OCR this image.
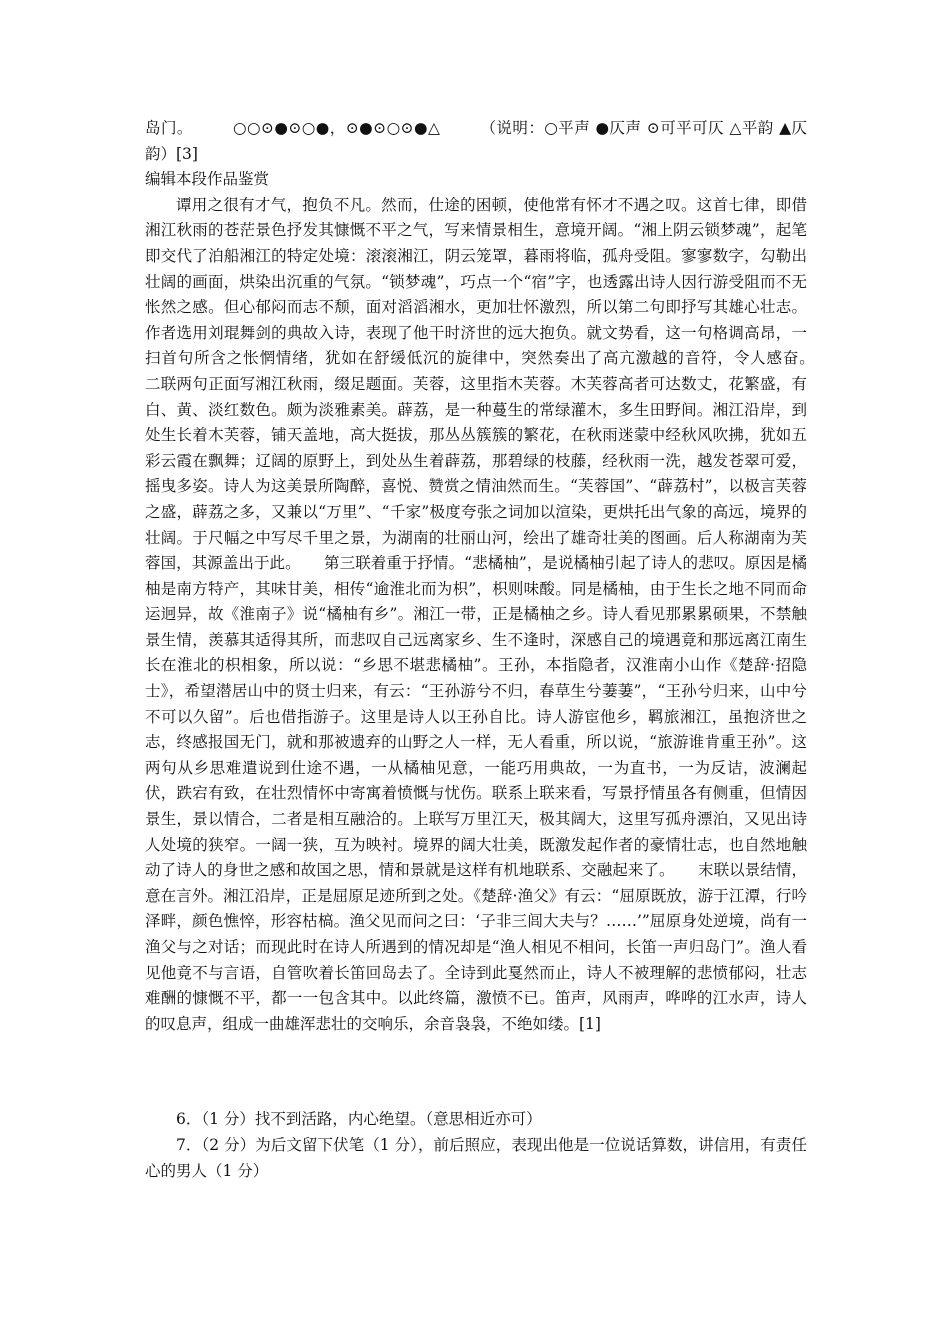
岛门。　　　○○⊙●⊙○●，⊙●⊙○⊙●△　　　（说明：○平声 ●仄声 ⊙可平可仄 △平韵 ▲仄韵）[3]

编辑本段作品鉴赏

谭用之很有才气，抱负不凡。然而，仕途的困顿，使他常有怀才不遇之叹。这首七律，即借湘江秋雨的苍茫景色抒发其慷慨不平之气，写来情景相生，意境开阔。“湘上阴云锁梦魂”，起笔即交代了泊船湘江的特定处境：滚滚湘江，阴云笼罩，暮雨将临，孤舟受阻。寥寥数字，勾勒出壮阔的画面，烘染出沉重的气氛。“锁梦魂”，巧点一个“宿”字，也透露出诗人因行游受阻而不无怅然之感。但心郁闷而志不颓，面对滔滔湘水，更加壮怀激烈，所以第二句即抒写其雄心壮志。作者选用刘琨舞剑的典故入诗，表现了他干时济世的远大抱负。就文势看，这一句格调高昂，一扫首句所含之怅惘情绪，犹如在舒缓低沉的旋律中，突然奏出了高亢激越的音符，令人感奋。　　二联两句正面写湘江秋雨，缀足题面。芙蓉，这里指木芙蓉。木芙蓉高者可达数丈，花繁盛，有白、黄、淡红数色。颇为淡雅素美。薜荔，是一种蔓生的常绿灌木，多生田野间。湘江沿岸，到处生长着木芙蓉，铺天盖地，高大挺拔，那丛丛簇簇的繁花，在秋雨迷蒙中经秋风吹拂，犹如五彩云霞在飘舞；辽阔的原野上，到处丛生着薜荔，那碧绿的枝藤，经秋雨一洗，越发苍翠可爱，摇曳多姿。诗人为这美景所陶醉，喜悦、赞赏之情油然而生。“芙蓉国”、“薜荔村”，以极言芙蓉之盛，薜荔之多，又兼以“万里”、“千家”极度夸张之词加以渲染，更烘托出气象的高远，境界的壮阔。于尺幅之中写尽千里之景，为湖南的壮丽山河，绘出了雄奇壮美的图画。后人称湖南为芙蓉国，其源盖出于此。　　第三联着重于抒情。“悲橘柚”，是说橘柚引起了诗人的悲叹。原因是橘柚是南方特产，其味甘美，相传“逾淮北而为枳”，枳则味酸。同是橘柚，由于生长之地不同而命运迥异，故《淮南子》说“橘柚有乡”。湘江一带，正是橘柚之乡。诗人看见那累累硕果，不禁触景生情，羡慕其适得其所，而悲叹自己远离家乡、生不逢时，深感自己的境遇竟和那远离江南生长在淮北的枳相象，所以说：“乡思不堪悲橘柚”。王孙，本指隐者，汉淮南小山作《楚辞·招隐士》，希望潜居山中的贤士归来，有云：“王孙游兮不归，春草生兮萋萋”，“王孙兮归来，山中兮不可以久留”。后也借指游子。这里是诗人以王孙自比。诗人游宦他乡，羁旅湘江，虽抱济世之志，终感报国无门，就和那被遗弃的山野之人一样，无人看重，所以说，“旅游谁肯重王孙”。这两句从乡思难遣说到仕途不遇，一从橘柚见意，一能巧用典故，一为直书，一为反诘，波澜起伏，跌宕有致，在壮烈情怀中寄寓着愤慨与忧伤。联系上联来看，写景抒情虽各有侧重，但情因景生，景以情合，二者是相互融洽的。上联写万里江天，极其阔大，这里写孤舟漂泊，又见出诗人处境的狭窄。一阔一狭，互为映衬。境界的阔大壮美，既激发起作者的豪情壮志，也自然地触动了诗人的身世之感和故国之思，情和景就是这样有机地联系、交融起来了。　　末联以景结情，意在言外。湘江沿岸，正是屈原足迹所到之处。《楚辞·渔父》有云：“屈原既放，游于江潭，行吟泽畔，颜色憔悴，形容枯槁。渔父见而问之曰：‘子非三闾大夫与？……’”屈原身处逆境，尚有一渔父与之对话；而现此时在诗人所遇到的情况却是“渔人相见不相问，长笛一声归岛门”。渔人看见他竟不与言语，自管吹着长笛回岛去了。全诗到此戛然而止，诗人不被理解的悲愤郁闷，壮志难酬的慷慨不平，都一一包含其中。以此终篇，激愤不已。笛声，风雨声，哗哗的江水声，诗人的叹息声，组成一曲雄浑悲壮的交响乐，余音袅袅，不绝如缕。[1]

6．（1 分）找不到活路，内心绝望。（意思相近亦可）

7．（2 分）为后文留下伏笔（1 分），前后照应，表现出他是一位说话算数，讲信用，有责任心的男人（1 分）
